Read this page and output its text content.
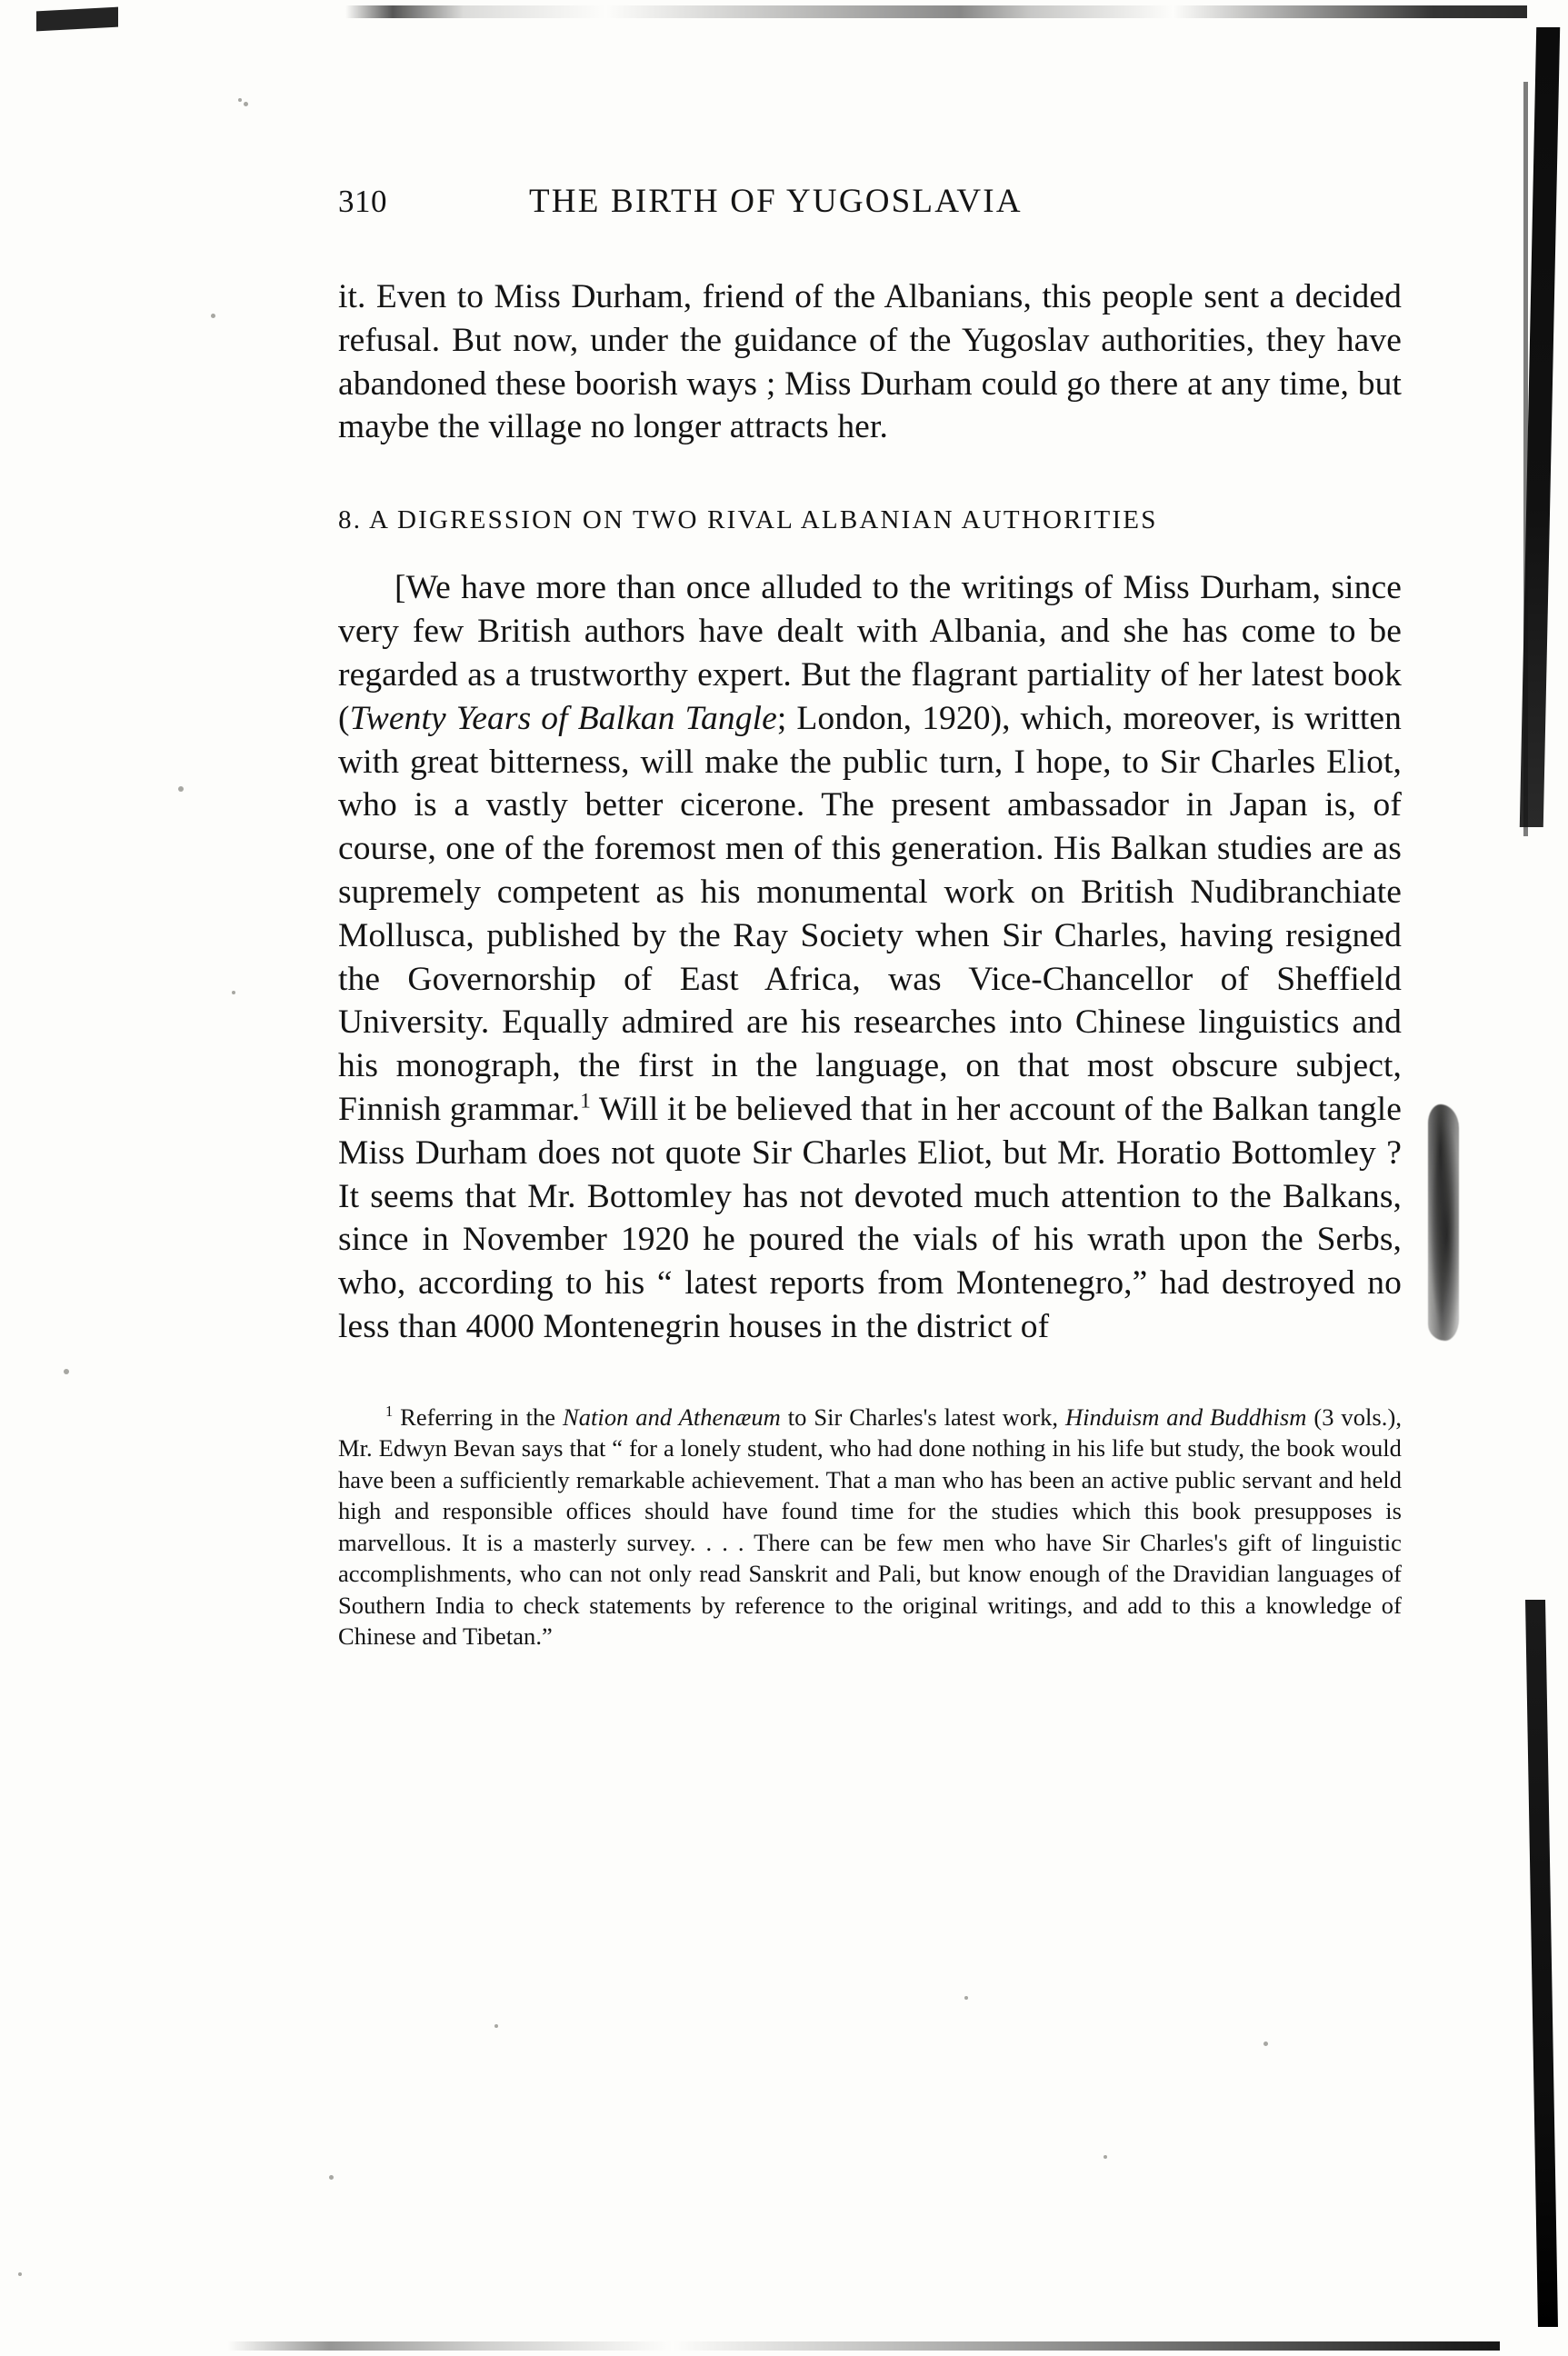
310	THE BIRTH OF YUGOSLAVIA

it. Even to Miss Durham, friend of the Albanians, this people sent a decided refusal. But now, under the guidance of the Yugoslav authorities, they have abandoned these boorish ways ; Miss Durham could go there at any time, but maybe the village no longer attracts her.

8. A DIGRESSION ON TWO RIVAL ALBANIAN AUTHORITIES

[We have more than once alluded to the writings of Miss Durham, since very few British authors have dealt with Albania, and she has come to be regarded as a trustworthy expert. But the flagrant partiality of her latest book (Twenty Years of Balkan Tangle; London, 1920), which, moreover, is written with great bitterness, will make the public turn, I hope, to Sir Charles Eliot, who is a vastly better cicerone. The present ambassador in Japan is, of course, one of the foremost men of this generation. His Balkan studies are as supremely competent as his monumental work on British Nudibranchiate Mollusca, published by the Ray Society when Sir Charles, having resigned the Governorship of East Africa, was Vice-Chancellor of Sheffield University. Equally admired are his researches into Chinese linguistics and his monograph, the first in the language, on that most obscure subject, Finnish grammar.$^1$ Will it be believed that in her account of the Balkan tangle Miss Durham does not quote Sir Charles Eliot, but Mr. Horatio Bottomley ? It seems that Mr. Bottomley has not devoted much attention to the Balkans, since in November 1920 he poured the vials of his wrath upon the Serbs, who, according to his “ latest reports from Montenegro,” had destroyed no less than 4000 Montenegrin houses in the district of

$^1$ Referring in the Nation and Athenæum to Sir Charles's latest work, Hinduism and Buddhism (3 vols.), Mr. Edwyn Bevan says that “ for a lonely student, who had done nothing in his life but study, the book would have been a sufficiently remarkable achievement. That a man who has been an active public servant and held high and responsible offices should have found time for the studies which this book presupposes is marvellous. It is a masterly survey. . . . There can be few men who have Sir Charles's gift of linguistic accomplishments, who can not only read Sanskrit and Pali, but know enough of the Dravidian languages of Southern India to check statements by reference to the original writings, and add to this a knowledge of Chinese and Tibetan.”
